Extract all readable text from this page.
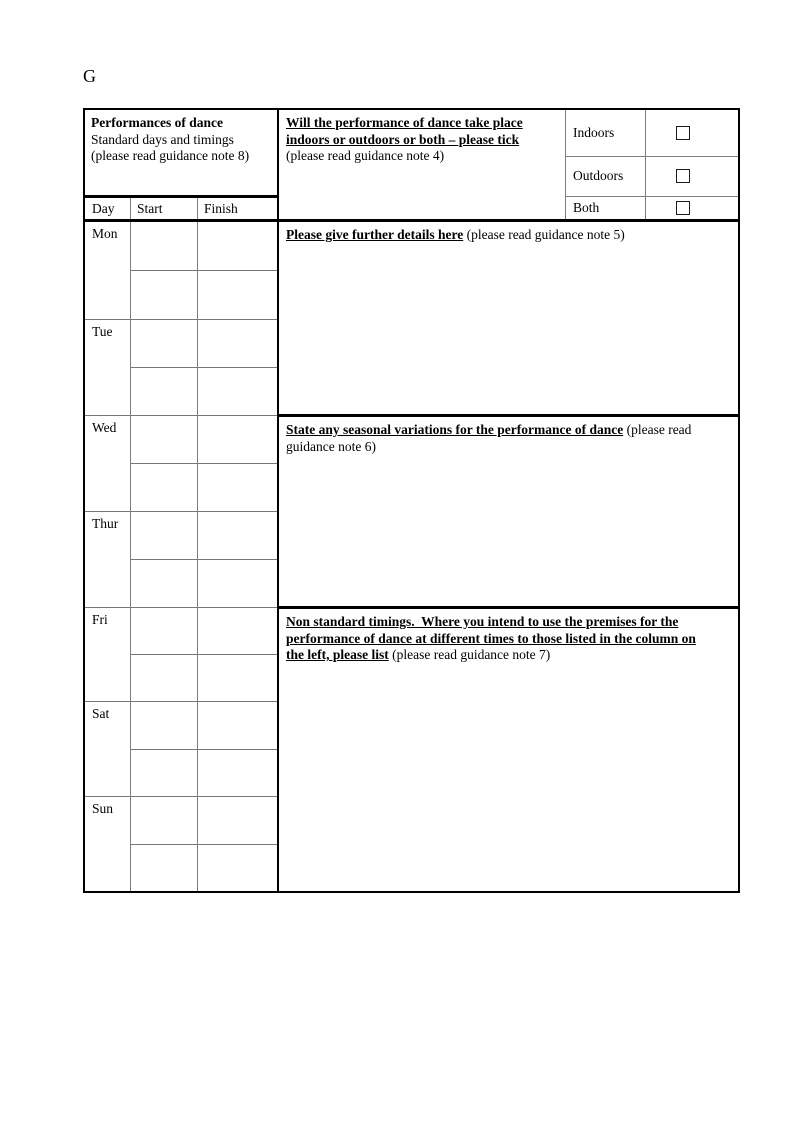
G
Performances of dance
Standard days and timings
(please read guidance note 8)
Day	Start	Finish
Mon
Tue
Wed
Thur
Fri
Sat
Sun
Will the performance of dance take place
indoors or outdoors or both – please tick
(please read guidance note 4)
Indoors
Outdoors
Both
Please give further details here (please read guidance note 5)
State any seasonal variations for the performance of dance (please read
guidance note 6)
Non standard timings.  Where you intend to use the premises for the
performance of dance at different times to those listed in the column on
the left, please list (please read guidance note 7)
